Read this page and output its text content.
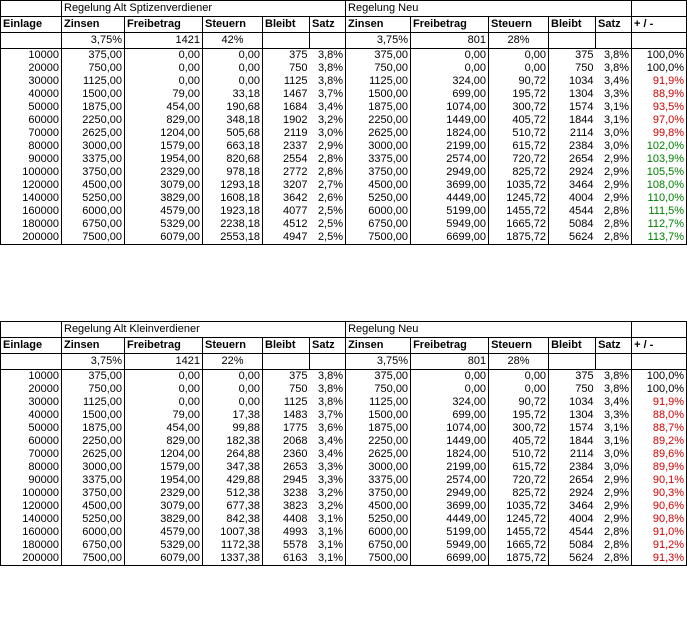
	Regelung Alt Sptizenverdiener					Regelung Neu					
Einlage	Zinsen	Freibetrag	Steuern	Bleibt	Satz	Zinsen	Freibetrag	Steuern	Bleibt	Satz	+ / -
	3,75%	1421	42%			3,75%	801	28%			
10000	375,00	0,00	0,00	375	3,8%	375,00	0,00	0,00	375	3,8%	100,0%
20000	750,00	0,00	0,00	750	3,8%	750,00	0,00	0,00	750	3,8%	100,0%
30000	1125,00	0,00	0,00	1125	3,8%	1125,00	324,00	90,72	1034	3,4%	91,9%
40000	1500,00	79,00	33,18	1467	3,7%	1500,00	699,00	195,72	1304	3,3%	88,9%
50000	1875,00	454,00	190,68	1684	3,4%	1875,00	1074,00	300,72	1574	3,1%	93,5%
60000	2250,00	829,00	348,18	1902	3,2%	2250,00	1449,00	405,72	1844	3,1%	97,0%
70000	2625,00	1204,00	505,68	2119	3,0%	2625,00	1824,00	510,72	2114	3,0%	99,8%
80000	3000,00	1579,00	663,18	2337	2,9%	3000,00	2199,00	615,72	2384	3,0%	102,0%
90000	3375,00	1954,00	820,68	2554	2,8%	3375,00	2574,00	720,72	2654	2,9%	103,9%
100000	3750,00	2329,00	978,18	2772	2,8%	3750,00	2949,00	825,72	2924	2,9%	105,5%
120000	4500,00	3079,00	1293,18	3207	2,7%	4500,00	3699,00	1035,72	3464	2,9%	108,0%
140000	5250,00	3829,00	1608,18	3642	2,6%	5250,00	4449,00	1245,72	4004	2,9%	110,0%
160000	6000,00	4579,00	1923,18	4077	2,5%	6000,00	5199,00	1455,72	4544	2,8%	111,5%
180000	6750,00	5329,00	2238,18	4512	2,5%	6750,00	5949,00	1665,72	5084	2,8%	112,7%
200000	7500,00	6079,00	2553,18	4947	2,5%	7500,00	6699,00	1875,72	5624	2,8%	113,7%
	Regelung Alt Kleinverdiener					Regelung Neu					
Einlage	Zinsen	Freibetrag	Steuern	Bleibt	Satz	Zinsen	Freibetrag	Steuern	Bleibt	Satz	+ / -
	3,75%	1421	22%			3,75%	801	28%			
10000	375,00	0,00	0,00	375	3,8%	375,00	0,00	0,00	375	3,8%	100,0%
20000	750,00	0,00	0,00	750	3,8%	750,00	0,00	0,00	750	3,8%	100,0%
30000	1125,00	0,00	0,00	1125	3,8%	1125,00	324,00	90,72	1034	3,4%	91,9%
40000	1500,00	79,00	17,38	1483	3,7%	1500,00	699,00	195,72	1304	3,3%	88,0%
50000	1875,00	454,00	99,88	1775	3,6%	1875,00	1074,00	300,72	1574	3,1%	88,7%
60000	2250,00	829,00	182,38	2068	3,4%	2250,00	1449,00	405,72	1844	3,1%	89,2%
70000	2625,00	1204,00	264,88	2360	3,4%	2625,00	1824,00	510,72	2114	3,0%	89,6%
80000	3000,00	1579,00	347,38	2653	3,3%	3000,00	2199,00	615,72	2384	3,0%	89,9%
90000	3375,00	1954,00	429,88	2945	3,3%	3375,00	2574,00	720,72	2654	2,9%	90,1%
100000	3750,00	2329,00	512,38	3238	3,2%	3750,00	2949,00	825,72	2924	2,9%	90,3%
120000	4500,00	3079,00	677,38	3823	3,2%	4500,00	3699,00	1035,72	3464	2,9%	90,6%
140000	5250,00	3829,00	842,38	4408	3,1%	5250,00	4449,00	1245,72	4004	2,9%	90,8%
160000	6000,00	4579,00	1007,38	4993	3,1%	6000,00	5199,00	1455,72	4544	2,8%	91,0%
180000	6750,00	5329,00	1172,38	5578	3,1%	6750,00	5949,00	1665,72	5084	2,8%	91,2%
200000	7500,00	6079,00	1337,38	6163	3,1%	7500,00	6699,00	1875,72	5624	2,8%	91,3%
